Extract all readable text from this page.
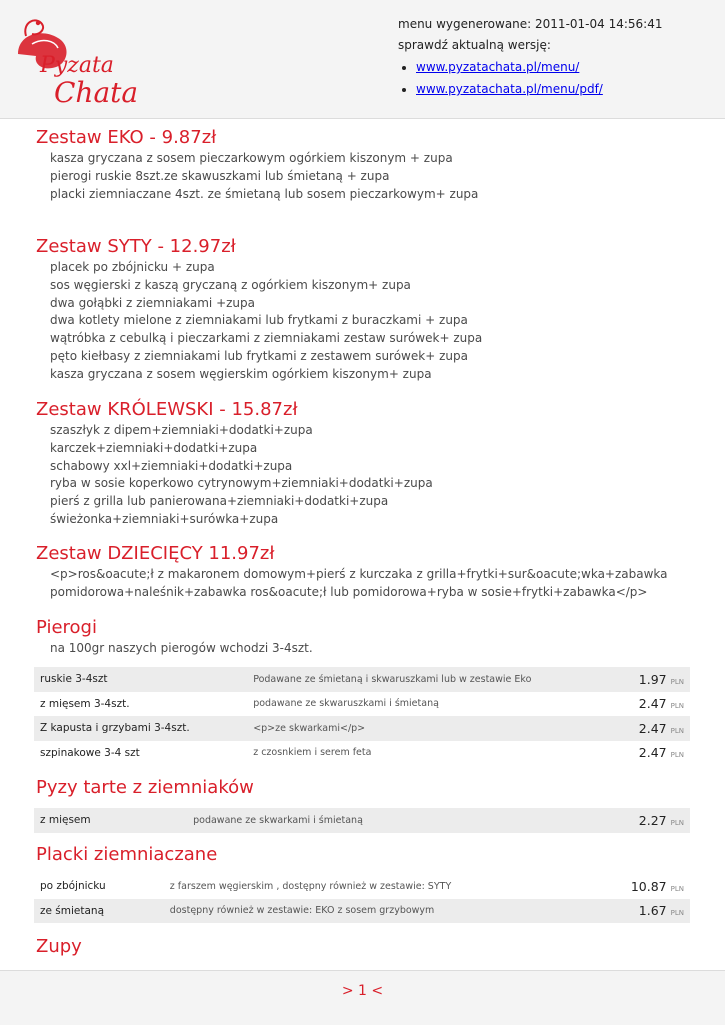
Pyzata
Chata
menu wygenerowane: 2011-01-04 14:56:41
sprawdź aktualną wersję:
• www.pyzatachata.pl/menu/
• www.pyzatachata.pl/menu/pdf/
Zestaw EKO - 9.87zł
kasza gryczana z sosem pieczarkowym ogórkiem kiszonym + zupa
pierogi ruskie 8szt.ze skawuszkami lub śmietaną + zupa
placki ziemniaczane 4szt. ze śmietaną lub sosem pieczarkowym+ zupa
Zestaw SYTY - 12.97zł
placek po zbójnicku + zupa
sos węgierski z kaszą gryczaną z ogórkiem kiszonym+ zupa
dwa gołąbki z ziemniakami +zupa
dwa kotlety mielone z ziemniakami lub frytkami z buraczkami + zupa
wątróbka z cebulką i pieczarkami z ziemniakami zestaw surówek+ zupa
pęto kiełbasy z ziemniakami lub frytkami z zestawem surówek+ zupa
kasza gryczana z sosem węgierskim ogórkiem kiszonym+ zupa
Zestaw KRÓLEWSKI - 15.87zł
szaszłyk z dipem+ziemniaki+dodatki+zupa
karczek+ziemniaki+dodatki+zupa
schabowy xxl+ziemniaki+dodatki+zupa
ryba w sosie koperkowo cytrynowym+ziemniaki+dodatki+zupa
pierś z grilla lub panierowana+ziemniaki+dodatki+zupa
świeżonka+ziemniaki+surówka+zupa
Zestaw DZIECIĘCY 11.97zł
<p>ros&oacute;ł z makaronem domowym+pierś z kurczaka z grilla+frytki+sur&oacute;wka+zabawka
pomidorowa+naleśnik+zabawka ros&oacute;ł lub pomidorowa+ryba w sosie+frytki+zabawka</p>
Pierogi
na 100gr naszych pierogów wchodzi 3-4szt.
ruskie 3-4szt	Podawane ze śmietaną i skwaruszkami lub w zestawie Eko	1.97 PLN
z mięsem 3-4szt.	podawane ze skwaruszkami i śmietaną	2.47 PLN
Z kapusta i grzybami 3-4szt.	<p>ze skwarkami</p>	2.47 PLN
szpinakowe 3-4 szt	z czosnkiem i serem feta	2.47 PLN
Pyzy tarte z ziemniaków
z mięsem	podawane ze skwarkami i śmietaną	2.27 PLN
Placki ziemniaczane
po zbójnicku	z farszem węgierskim , dostępny również w zestawie: SYTY	10.87 PLN
ze śmietaną	dostępny również w zestawie: EKO z sosem grzybowym	1.67 PLN
Zupy
> 1 <
